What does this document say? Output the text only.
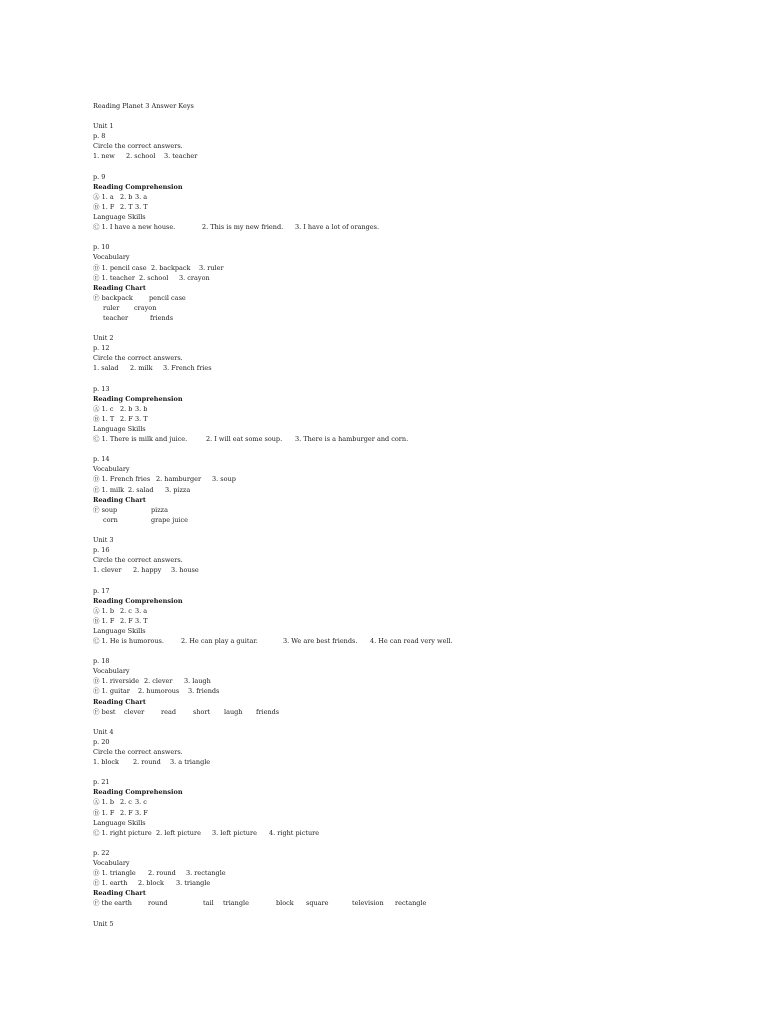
Reading Planet 3 Answer Keys
Unit 1
p. 8
Circle the correct answers.
1. new 2. school 3. teacher
p. 9
Reading Comprehension
Ⓐ 1. a 2. b 3. a
Ⓑ 1. F 2. T 3. T
Language Skills
Ⓒ 1. I have a new house.	2. This is my new friend. 3. I have a lot of oranges.
p. 10
Vocabulary
Ⓓ 1. pencil case 2. backpack 3. ruler
Ⓔ 1. teacher 2. school 3. crayon
Reading Chart
Ⓕ backpack pencil case
ruler crayon
teacher	friends
Unit 2
p. 12
Circle the correct answers.
1. salad 2. milk 3. French fries
p. 13
Reading Comprehension
Ⓐ 1. c 2. b 3. b
Ⓑ 1. T 2. F 3. T
Language Skills
Ⓒ 1. There is milk and juice.	2. I will eat some soup. 3. There is a hamburger and corn.
p. 14
Vocabulary
Ⓓ 1. French fries 2. hamburger 3. soup
Ⓔ 1. milk 2. salad 3. pizza
Reading Chart
Ⓕ soup	pizza
corn	grape juice
Unit 3
p. 16
Circle the correct answers.
1. clever 2. happy 3. house
p. 17
Reading Comprehension
Ⓐ 1. b 2. c 3. a
Ⓑ 1. F 2. F 3. T
Language Skills
Ⓒ 1. He is humorous.	2. He can play a guitar.	3. We are best friends. 4. He can read very well.
p. 18
Vocabulary
Ⓓ 1. riverside 2. clever 3. laugh
Ⓔ 1. guitar 2. humorous 3. friends
Reading Chart
Ⓕ best clever	read	short laugh friends
Unit 4
p. 20
Circle the correct answers.
1. block 2. round 3. a triangle
p. 21
Reading Comprehension
Ⓐ 1. b 2. c 3. c
Ⓑ 1. F 2. F 3. F
Language Skills
Ⓒ 1. right picture 2. left picture 3. left picture 4. right picture
p. 22
Vocabulary
Ⓓ 1. triangle 2. round 3. rectangle
Ⓔ 1. earth 2. block 3. triangle
Reading Chart
Ⓕ the earth round	tail triangle	block square	television rectangle
Unit 5
